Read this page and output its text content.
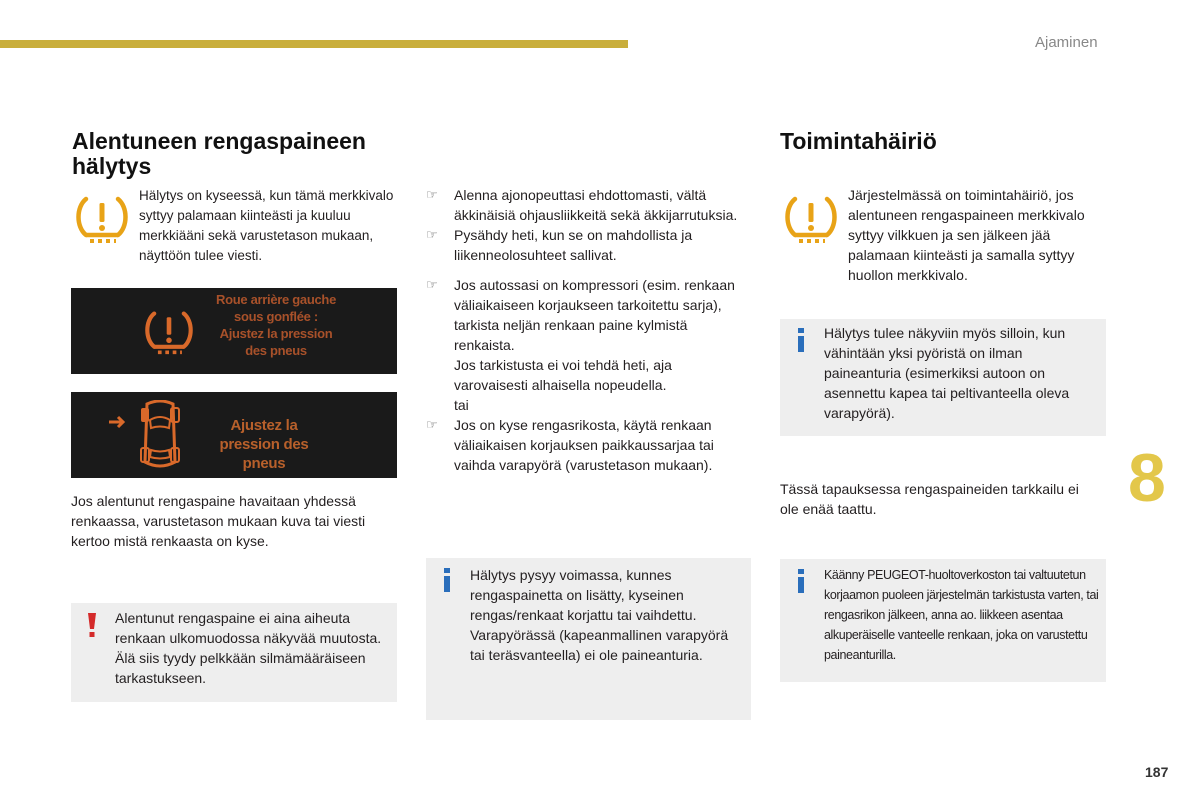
Ajaminen
8
187
Alentuneen rengaspaineen hälytys
Hälytys on kyseessä, kun tämä merkkivalo syttyy palamaan kiinteästi ja kuuluu merkkiääni sekä varustetason mukaan, näyttöön tulee viesti.
Roue arrière gauche sous gonflée : Ajustez la pression des pneus
Ajustez la pression des pneus
Jos alentunut rengaspaine havaitaan yhdessä renkaassa, varustetason mukaan kuva tai viesti kertoo mistä renkaasta on kyse.
Alentunut rengaspaine ei aina aiheuta renkaan ulkomuodossa näkyvää muutosta. Älä siis tyydy pelkkään silmämääräiseen tarkastukseen.
☞ Alenna ajonopeuttasi ehdottomasti, vältä äkkinäisiä ohjausliikkeitä sekä äkkijarrutuksia.
☞ Pysähdy heti, kun se on mahdollista ja liikenneolosuhteet sallivat.
☞ Jos autossasi on kompressori (esim. renkaan väliaikaiseen korjaukseen tarkoitettu sarja), tarkista neljän renkaan paine kylmistä renkaista.
Jos tarkistusta ei voi tehdä heti, aja varovaisesti alhaisella nopeudella.
tai
☞ Jos on kyse rengasrikosta, käytä renkaan väliaikaisen korjauksen paikkaussarjaa tai vaihda varapyörä (varustetason mukaan).
Hälytys pysyy voimassa, kunnes rengaspainetta on lisätty, kyseinen rengas/renkaat korjattu tai vaihdettu. Varapyörässä (kapeanmallinen varapyörä tai teräsvanteella) ei ole paineanturia.
Toimintahäiriö
Järjestelmässä on toimintahäiriö, jos alentuneen rengaspaineen merkkivalo syttyy vilkkuen ja sen jälkeen jää palamaan kiinteästi ja samalla syttyy huollon merkkivalo.
Hälytys tulee näkyviin myös silloin, kun vähintään yksi pyöristä on ilman paineanturia (esimerkiksi autoon on asennettu kapea tai peltivanteella oleva varapyörä).
Tässä tapauksessa rengaspaineiden tarkkailu ei ole enää taattu.
Käänny PEUGEOT-huoltoverkoston tai valtuutetun korjaamon puoleen järjestelmän tarkistusta varten, tai rengasrikon jälkeen, anna ao. liikkeen asentaa alkuperäiselle vanteelle renkaan, joka on varustettu paineanturilla.
